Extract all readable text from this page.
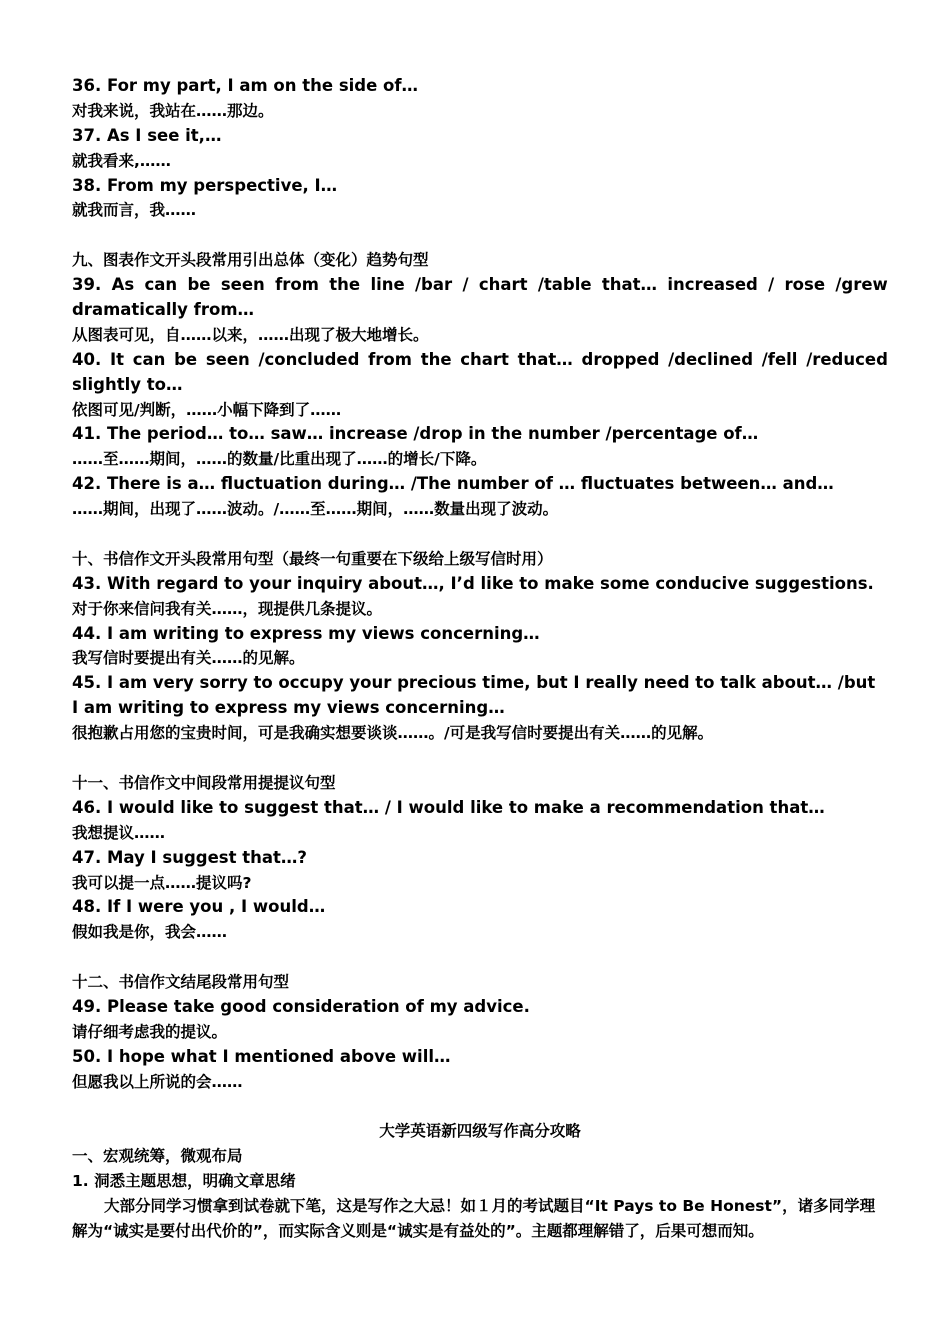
36. For my part, I am on the side of…
对我来说，我站在……那边。
37. As I see it,…
就我看来,……
38. From my perspective, I…
就我而言，我……
九、图表作文开头段常用引出总体（变化）趋势句型
39. As can be seen from the line /bar / chart /table that… increased / rose /grew
dramatically from…
从图表可见，自……以来，……出现了极大地增长。
40. It can be seen /concluded from the chart that… dropped /declined /fell /reduced
slightly to…
依图可见/判断，……小幅下降到了……
41. The period… to… saw… increase /drop in the number /percentage of…
……至……期间，……的数量/比重出现了……的增长/下降。
42. There is a… fluctuation during… /The number of … fluctuates between… and…
……期间，出现了……波动。/……至……期间，……数量出现了波动。
十、书信作文开头段常用句型（最终一句重要在下级给上级写信时用）
43. With regard to your inquiry about…, I’d like to make some conducive suggestions.
对于你来信问我有关……，现提供几条提议。
44. I am writing to express my views concerning…
我写信时要提出有关……的见解。
45. I am very sorry to occupy your precious time, but I really need to talk about… /but
I am writing to express my views concerning…
很抱歉占用您的宝贵时间，可是我确实想要谈谈……。/可是我写信时要提出有关……的见解。
十一、书信作文中间段常用提提议句型
46. I would like to suggest that… / I would like to make a recommendation that…
我想提议……
47. May I suggest that…?
我可以提一点……提议吗?
48. If I were you , I would…
假如我是你，我会……
十二、书信作文结尾段常用句型
49. Please take good consideration of my advice.
请仔细考虑我的提议。
50. I hope what I mentioned above will…
但愿我以上所说的会……
大学英语新四级写作高分攻略
一、宏观统筹，微观布局
1. 洞悉主题思想，明确文章思绪
大部分同学习惯拿到试卷就下笔，这是写作之大忌！如１月的考试题目“It Pays to Be Honest”，诸多同学理解为“诚实是要付出代价的”，而实际含义则是“诚实是有益处的”。主题都理解错了，后果可想而知。
